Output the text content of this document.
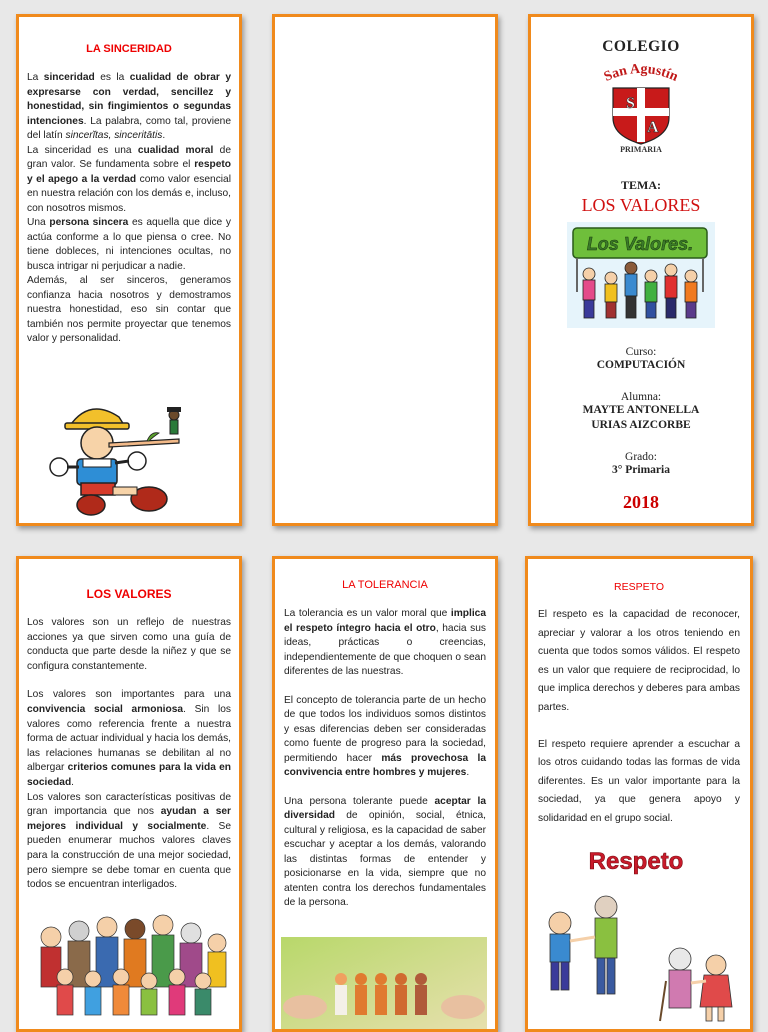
LA SINCERIDAD

La sinceridad es la cualidad de obrar y expresarse con verdad, sencillez y honestidad, sin fingimientos o segundas intenciones. La palabra, como tal, proviene del latín sincerĭtas, sinceritātis.
La sinceridad es una cualidad moral de gran valor. Se fundamenta sobre el respeto y el apego a la verdad como valor esencial en nuestra relación con los demás e, incluso, con nosotros mismos.
Una persona sincera es aquella que dice y actúa conforme a lo que piensa o cree. No tiene dobleces, ni intenciones ocultas, no busca intrigar ni perjudicar a nadie.
Además, al ser sinceros, generamos confianza hacia nosotros y demostramos nuestra honestidad, eso sin contar que también nos permite proyectar que tenemos valor y personalidad.

COLEGIO
San Agustín
S
A
PRIMARIA
TEMA:
LOS VALORES
Los Valores.
Curso:
COMPUTACIÓN
Alumna:
MAYTE ANTONELLA
URIAS AIZCORBE
Grado:
3° Primaria
2018
LOS VALORES

Los valores son un reflejo de nuestras acciones ya que sirven como una guía de conducta que parte desde la niñez y que se configura constantemente.

Los valores son importantes para una convivencia social armoniosa. Sin los valores como referencia frente a nuestra forma de actuar individual y hacia los demás, las relaciones humanas se debilitan al no albergar criterios comunes para la vida en sociedad.
Los valores son características positivas de gran importancia que nos ayudan a ser mejores individual y socialmente. Se pueden enumerar muchos valores claves para la construcción de una mejor sociedad, pero siempre se debe tomar en cuenta que todos se encuentran interligados.

LA TOLERANCIA

La tolerancia es un valor moral que implica el respeto íntegro hacia el otro, hacia sus ideas, prácticas o creencias, independientemente de que choquen o sean diferentes de las nuestras.
El concepto de tolerancia parte de un hecho de que todos los individuos somos distintos y esas diferencias deben ser consideradas como fuente de progreso para la sociedad, permitiendo hacer más provechosa la convivencia entre hombres y mujeres.
Una persona tolerante puede aceptar la diversidad de opinión, social, étnica, cultural y religiosa, es la capacidad de saber escuchar y aceptar a los demás, valorando las distintas formas de entender y posicionarse en la vida, siempre que no atenten contra los derechos fundamentales de la persona.

RESPETO

El respeto es la capacidad de reconocer, apreciar y valorar a los otros teniendo en cuenta que todos somos válidos. El respeto es un valor que requiere de reciprocidad, lo que implica derechos y deberes para ambas partes.

El respeto requiere aprender a escuchar a los otros cuidando todas las formas de vida diferentes. Es un valor importante para la sociedad, ya que genera apoyo y solidaridad en el grupo social.

Respeto
